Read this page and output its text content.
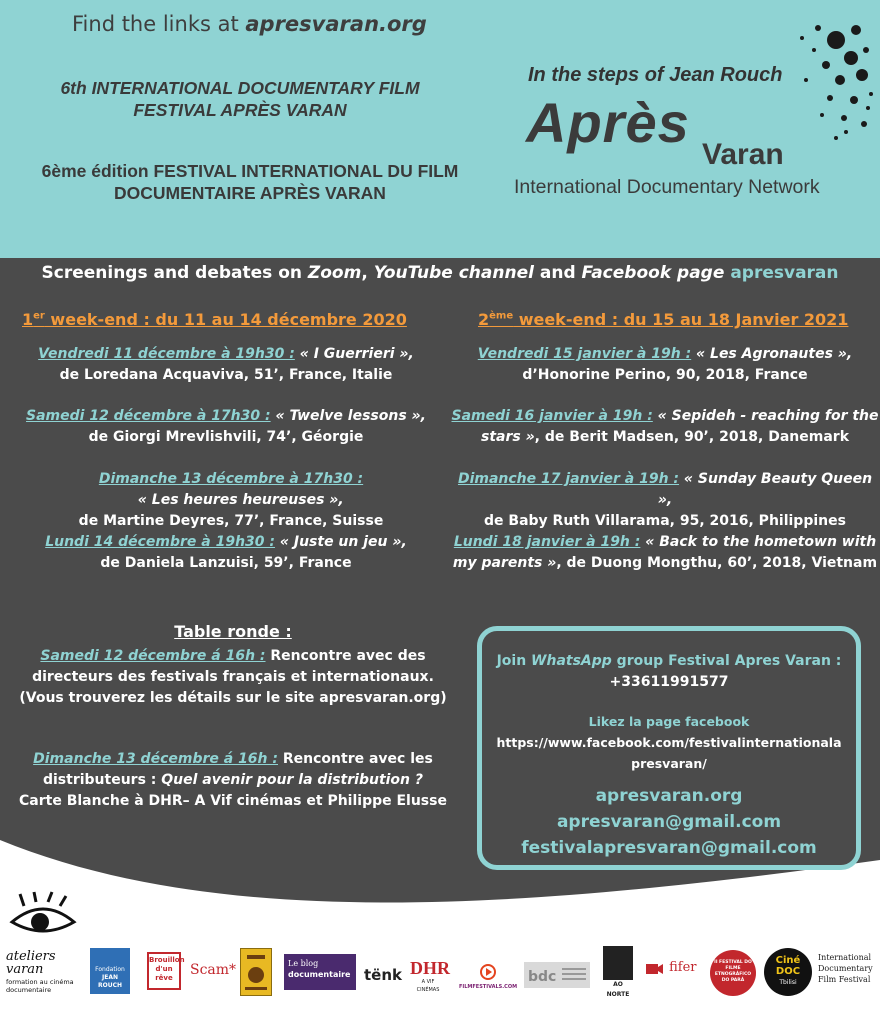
Find the links at apresvaran.org
6th INTERNATIONAL DOCUMENTARY FILM
FESTIVAL APRÈS VARAN
6ème édition FESTIVAL INTERNATIONAL DU FILM
DOCUMENTAIRE APRÈS VARAN
In the steps of Jean Rouch
Après
Varan
International Documentary Network
Screenings and debates on Zoom, YouTube channel and Facebook page apresvaran
1er week-end : du 11 au 14 décembre 2020	2ème week-end : du 15 au 18 Janvier 2021
Vendredi 11 décembre à 19h30 : « I Guerrieri »,
de Loredana Acquaviva, 51’, France, Italie
Samedi 12 décembre à 17h30 : « Twelve lessons »,
de Giorgi Mrevlishvili, 74’, Géorgie
Dimanche 13 décembre à 17h30 :    « Les heures heureuses »,
de Martine Deyres, 77’, France, Suisse
Lundi 14 décembre à 19h30 : « Juste un jeu »,
de Daniela Lanzuisi, 59’, France
Vendredi 15 janvier à 19h : « Les Agronautes »,
d’Honorine Perino, 90, 2018, France
Samedi 16 janvier à 19h : « Sepideh - reaching for the stars », de Berit Madsen, 90’, 2018, Danemark
Dimanche 17 janvier à 19h : « Sunday Beauty Queen »,
de Baby Ruth Villarama, 95, 2016, Philippines
Lundi 18 janvier à 19h : « Back to the hometown with my parents », de Duong Mongthu, 60’, 2018, Vietnam
Table ronde :
Samedi 12 décembre á 16h : Rencontre avec des directeurs des festivals français et internationaux.
(Vous trouverez les détails sur le site apresvaran.org)
Dimanche 13 décembre á 16h : Rencontre avec les distributeurs : Quel avenir pour la distribution ?
Carte Blanche à DHR– A Vif cinémas et Philippe Elusse
Join WhatsApp group Festival Apres Varan :
+33611991577
Likez la page facebook
https://www.facebook.com/festivalinternationala
presvaran/
apresvaran.org
apresvaran@gmail.com
festivalapresvaran@gmail.com
ateliers
varan
formation au cinéma documentaire
Fondation
JEAN ROUCH
Brouillon d'un rêve	Scam*	Le blog
documentaire tënk DHR
A VIF CINÉMAS	FILMFESTIVALS.COM
bdc	AO NORTE
$^{fifer}$	II FESTIVAL DO FILME ETNOGRÁFICO DO PARÁ
Ciné
DOC
Tbilisi
International
Documentary
Film Festival
